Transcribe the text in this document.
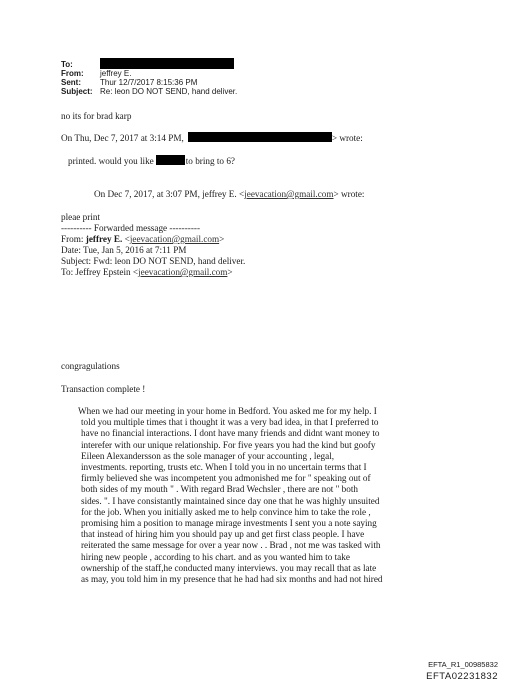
To:
From: jeffrey E.
Sent: Thur 12/7/2017 8:15:36 PM
Subject: Re: leon DO NOT SEND, hand deliver.
no its for brad karp
On Thu, Dec 7, 2017 at 3:14 PM,	> wrote:
printed. would you like	to bring to 6?
On Dec 7, 2017, at 3:07 PM, jeffrey E. <jeevacation@gmail.com> wrote:
pleae print
---------- Forwarded message ----------
From: jeffrey E. <jeevacation@gmail.com>
Date: Tue, Jan 5, 2016 at 7:11 PM
Subject: Fwd: leon DO NOT SEND, hand deliver.
To: Jeffrey Epstein <jeevacation@gmail.com>
congragulations
Transaction complete !
When we had our meeting in your home in Bedford. You asked me for my help. I
told you multiple times that i thought it was a very bad idea, in that I preferred to
have no financial interactions. I dont have many friends and didnt want money to
interefer with our unique relationship. For five years you had the kind but goofy
Eileen Alexandersson as the sole manager of your accounting , legal,
investments. reporting, trusts etc. When I told you in no uncertain terms that I
firmly believed she was incompetent you admonished me for " speaking out of
both sides of my mouth " . With regard Brad Wechsler , there are not " both
sides. ". I have consistantly maintained since day one that he was highly unsuited
for the job. When you initially asked me to help convince him to take the role ,
promising him a position to manage mirage investments I sent you a note saying
that instead of hiring him you should pay up and get first class people. I have
reiterated the same message for over a year now . . Brad , not me was tasked with
hiring new people , according to his chart. and as you wanted him to take
ownership of the staff,he conducted many interviews. you may recall that as late
as may, you told him in my presence that he had had six months and had not hired
EFTA_R1_00985832
EFTA02231832
